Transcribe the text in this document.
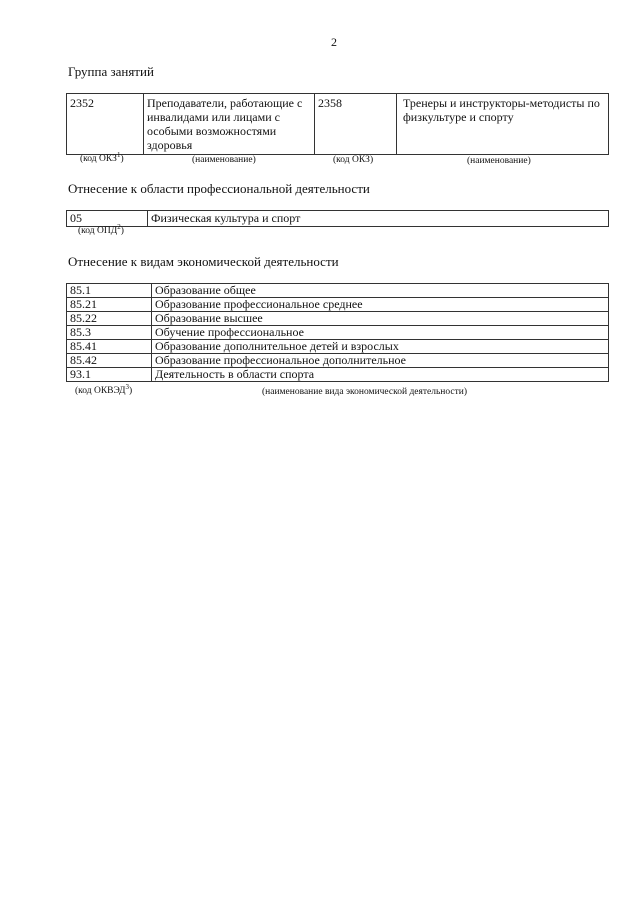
2
Группа занятий
2352	Преподаватели, работающие с инвалидами или лицами с особыми возможностями здоровья	2358	Тренеры и инструкторы-методисты по физкультуре и спорту
(код ОКЗ$^1$)	(наименование)	(код ОКЗ)	(наименование)
Отнесение к области профессиональной деятельности
05	Физическая культура и спорт
(код ОПД$^2$)
Отнесение к видам экономической деятельности
85.1	Образование общее
85.21	Образование профессиональное среднее
85.22	Образование высшее
85.3	Обучение профессиональное
85.41	Образование дополнительное детей и взрослых
85.42	Образование профессиональное дополнительное
93.1	Деятельность в области спорта
(код ОКВЭД$^3$)	(наименование вида экономической деятельности)
